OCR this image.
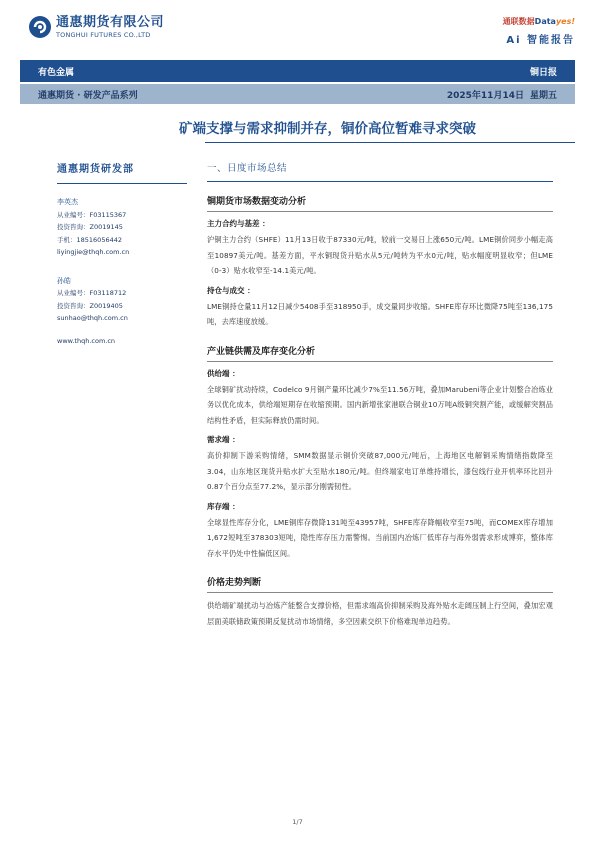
通惠期货有限公司
TONGHUI FUTURES CO.,LTD
通联数据Datayes!
Ai 智能报告
有色金属	铜日报
通惠期货 · 研发产品系列	2025年11月14日 星期五
矿端支撑与需求抑制并存，铜价高位暂难寻求突破
通惠期货研发部
李英杰
从业编号：F03115367
投资咨询：Z0019145
手机：18516056442
liyingjie@thqh.com.cn
孙皓
从业编号：F03118712
投资咨询：Z0019405
sunhao@thqh.com.cn
www.thqh.com.cn
一、日度市场总结
铜期货市场数据变动分析
主力合约与基差 ：
沪铜主力合约（SHFE）11月13日收于87330元/吨，较前一交易日上涨650元/吨。LME铜价同步小幅走高至10897美元/吨。基差方面，平水铜现货升贴水从5元/吨转为平水0元/吨，贴水幅度明显收窄；但LME（0-3）贴水收窄至-14.1美元/吨。
持仓与成交 ：
LME铜持仓量11月12日减少5408手至318950手，成交量同步收缩。SHFE库存环比微降75吨至136,175吨，去库速度放缓。
产业链供需及库存变化分析
供给端 ：
全球铜矿扰动持续，Codelco 9月铜产量环比减少7%至11.56万吨，叠加Marubeni等企业计划整合冶炼业务以优化成本，供给端短期存在收缩预期。国内新增张家港联合铜业10万吨A级铜突割产能，或缓解突割品结构性矛盾，但实际释放仍需时间。
需求端 ：
高价抑制下游采购情绪，SMM数据显示铜价突破87,000元/吨后，上海地区电解铜采购情绪指数降至3.04，山东地区现货升贴水扩大至贴水180元/吨。但终端家电订单维持增长，漆包线行业开机率环比回升0.87个百分点至77.2%，显示部分刚需韧性。
库存端 ：
全球显性库存分化，LME铜库存微降131吨至43957吨，SHFE库存降幅收窄至75吨，而COMEX库存增加1,672短吨至378303短吨，隐性库存压力需警惕。当前国内冶炼厂低库存与海外弱需求形成博弈，整体库存水平仍处中性偏低区间。
价格走势判断
供给端矿端扰动与冶炼产能整合支撑价格，但需求端高价抑制采购及海外贴水走阔压制上行空间，叠加宏观层面美联储政策预期反复扰动市场情绪，多空因素交织下价格难现单边趋势。
1/7
